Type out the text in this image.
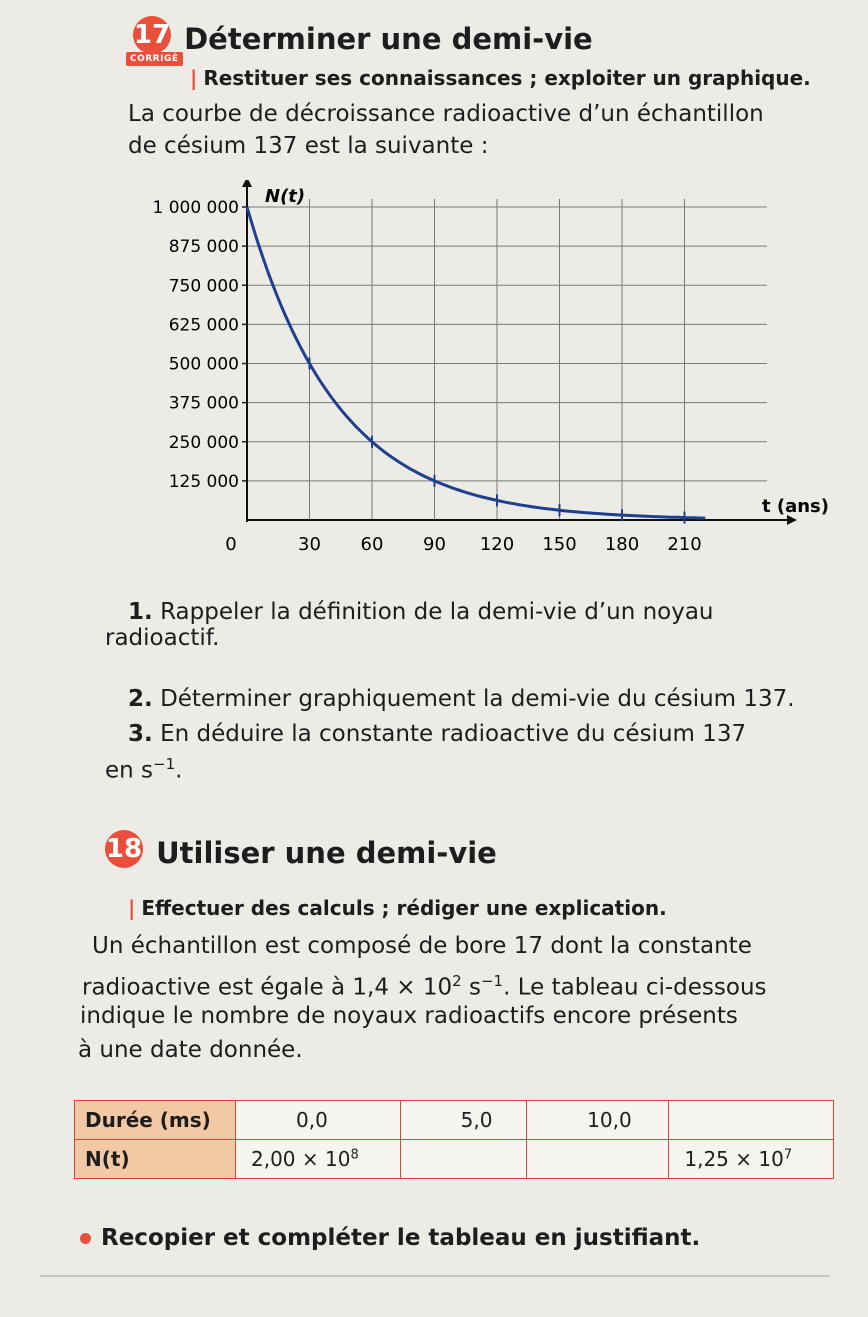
17 Déterminer une demi-vie
CORRIGÉ
| Restituer ses connaissances ; exploiter un graphique.
La courbe de décroissance radioactive d’un échantillon
de césium 137 est la suivante :
125 000
250 000
375 000
500 000
625 000
750 000
875 000
1 000 000
0	30 60 90 120 150 180 210
N(t)
t (ans)
1. Rappeler la définition de la demi-vie d’un noyau
radioactif.
2. Déterminer graphiquement la demi-vie du césium 137.
3. En déduire la constante radioactive du césium 137
en $s^{-1}$.
18 Utiliser une demi-vie
| Effectuer des calculs ; rédiger une explication.
Un échantillon est composé de bore 17 dont la constante
radioactive est égale à $1,4 \times 10^2$ $s^{-1}$. Le tableau ci-dessous
indique le nombre de noyaux radioactifs encore présents
à une date donnée.
Durée (ms)	0,0	5,0	10,0	
N(t)	$2,00 \times 10^8$			$1,25 \times 10^7$
Recopier et compléter le tableau en justifiant.
